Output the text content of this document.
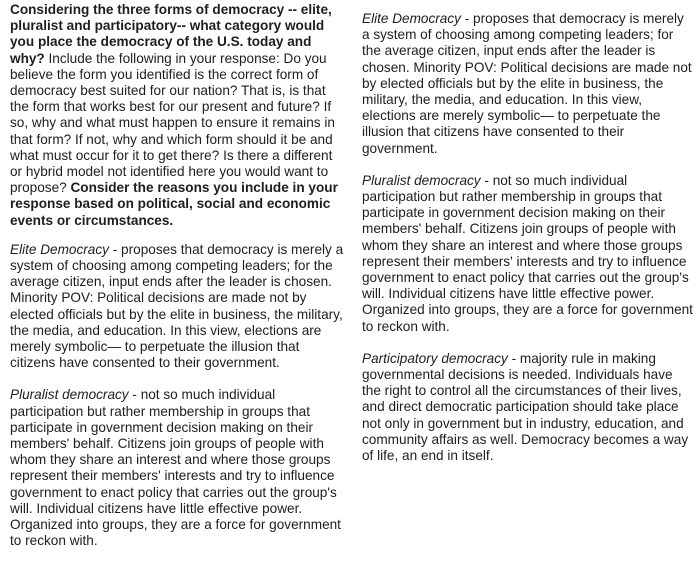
Considering the three forms of democracy -- elite, pluralist and participatory-- what category would you place the democracy of the U.S. today and why? Include the following in your response: Do you believe the form you identified is the correct form of democracy best suited for our nation? That is, is that the form that works best for our present and future? If so, why and what must happen to ensure it remains in that form? If not, why and which form should it be and what must occur for it to get there? Is there a different or hybrid model not identified here you would want to propose? Consider the reasons you include in your response based on political, social and economic events or circumstances.

Elite Democracy - proposes that democracy is merely a system of choosing among competing leaders; for the average citizen, input ends after the leader is chosen. Minority POV: Political decisions are made not by elected officials but by the elite in business, the military, the media, and education. In this view, elections are merely symbolic— to perpetuate the illusion that citizens have consented to their government.

Pluralist democracy - not so much individual participation but rather membership in groups that participate in government decision making on their members' behalf. Citizens join groups of people with whom they share an interest and where those groups represent their members' interests and try to influence government to enact policy that carries out the group's will. Individual citizens have little effective power. Organized into groups, they are a force for government to reckon with.

Elite Democracy - proposes that democracy is merely a system of choosing among competing leaders; for the average citizen, input ends after the leader is chosen. Minority POV: Political decisions are made not by elected officials but by the elite in business, the military, the media, and education. In this view, elections are merely symbolic— to perpetuate the illusion that citizens have consented to their government.

Pluralist democracy - not so much individual participation but rather membership in groups that participate in government decision making on their members' behalf. Citizens join groups of people with whom they share an interest and where those groups represent their members' interests and try to influence government to enact policy that carries out the group's will. Individual citizens have little effective power. Organized into groups, they are a force for government to reckon with.

Participatory democracy - majority rule in making governmental decisions is needed. Individuals have the right to control all the circumstances of their lives, and direct democratic participation should take place not only in government but in industry, education, and community affairs as well. Democracy becomes a way of life, an end in itself.
